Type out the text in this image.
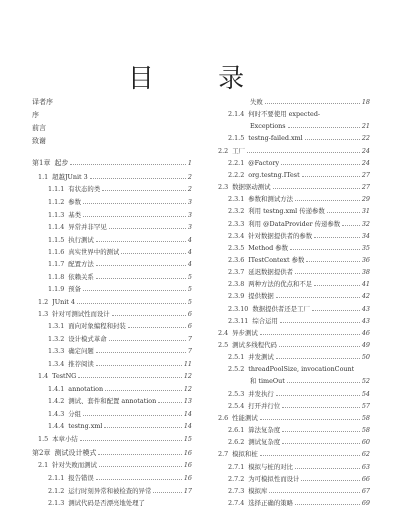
目 录
译者序
序
前言
致谢
第1章 起步	1
1.1 超越JUnit 3	2
1.1.1 有状态的类	2
1.1.2 参数	3
1.1.3 基类	3
1.1.4 异常并非罕见	3
1.1.5 执行测试	4
1.1.6 真实世界中的测试	4
1.1.7 配置方法	4
1.1.8 依赖关系	5
1.1.9 预备	5
1.2 JUnit 4	5
1.3 针对可测试性而设计	6
1.3.1 面向对象编程和封装	6
1.3.2 设计模式革命	7
1.3.3 确定问题	7
1.3.4 推荐阅读	11
1.4 TestNG	12
1.4.1 annotation	12
1.4.2 测试、套件和配置 annotation	13
1.4.3 分组	14
1.4.4 testng.xml	14
1.5 本章小结	15
第2章 测试设计模式	16
2.1 针对失败而测试	16
2.1.1 报告错误	16
2.1.2 运行时刻异常和被检查的异常	17
2.1.3 测试代码是否漂亮地处理了
失败	18
2.1.4 何时不要使用 expected-
Exceptions	21
2.1.5 testng-failed.xml	22
2.2 工厂	24
2.2.1 @Factory	24
2.2.2 org.testng.ITest	27
2.3 数据驱动测试	27
2.3.1 参数和测试方法	29
2.3.2 利用 testng.xml 传递参数	31
2.3.3 利用 @DataProvider 传递参数	32
2.3.4 针对数据提供者的参数	34
2.3.5 Method 参数	35
2.3.6 ITestContext 参数	36
2.3.7 延迟数据提供者	38
2.3.8 两种方法的优点和不足	41
2.3.9 提供数据	42
2.3.10 数据提供者还是工厂	43
2.3.11 综合运用	43
2.4 异步测试	46
2.5 测试多线程代码	49
2.5.1 并发测试	50
2.5.2 threadPoolSize, invocationCount
和 timeOut	52
2.5.3 并发执行	54
2.5.4 打开并行位	57
2.6 性能测试	58
2.6.1 算法复杂度	58
2.6.2 测试复杂度	60
2.7 模拟和桩	62
2.7.1 模拟与桩的对比	63
2.7.2 为可模拟性而设计	66
2.7.3 模拟库	67
2.7.4 选择正确的策略	69
